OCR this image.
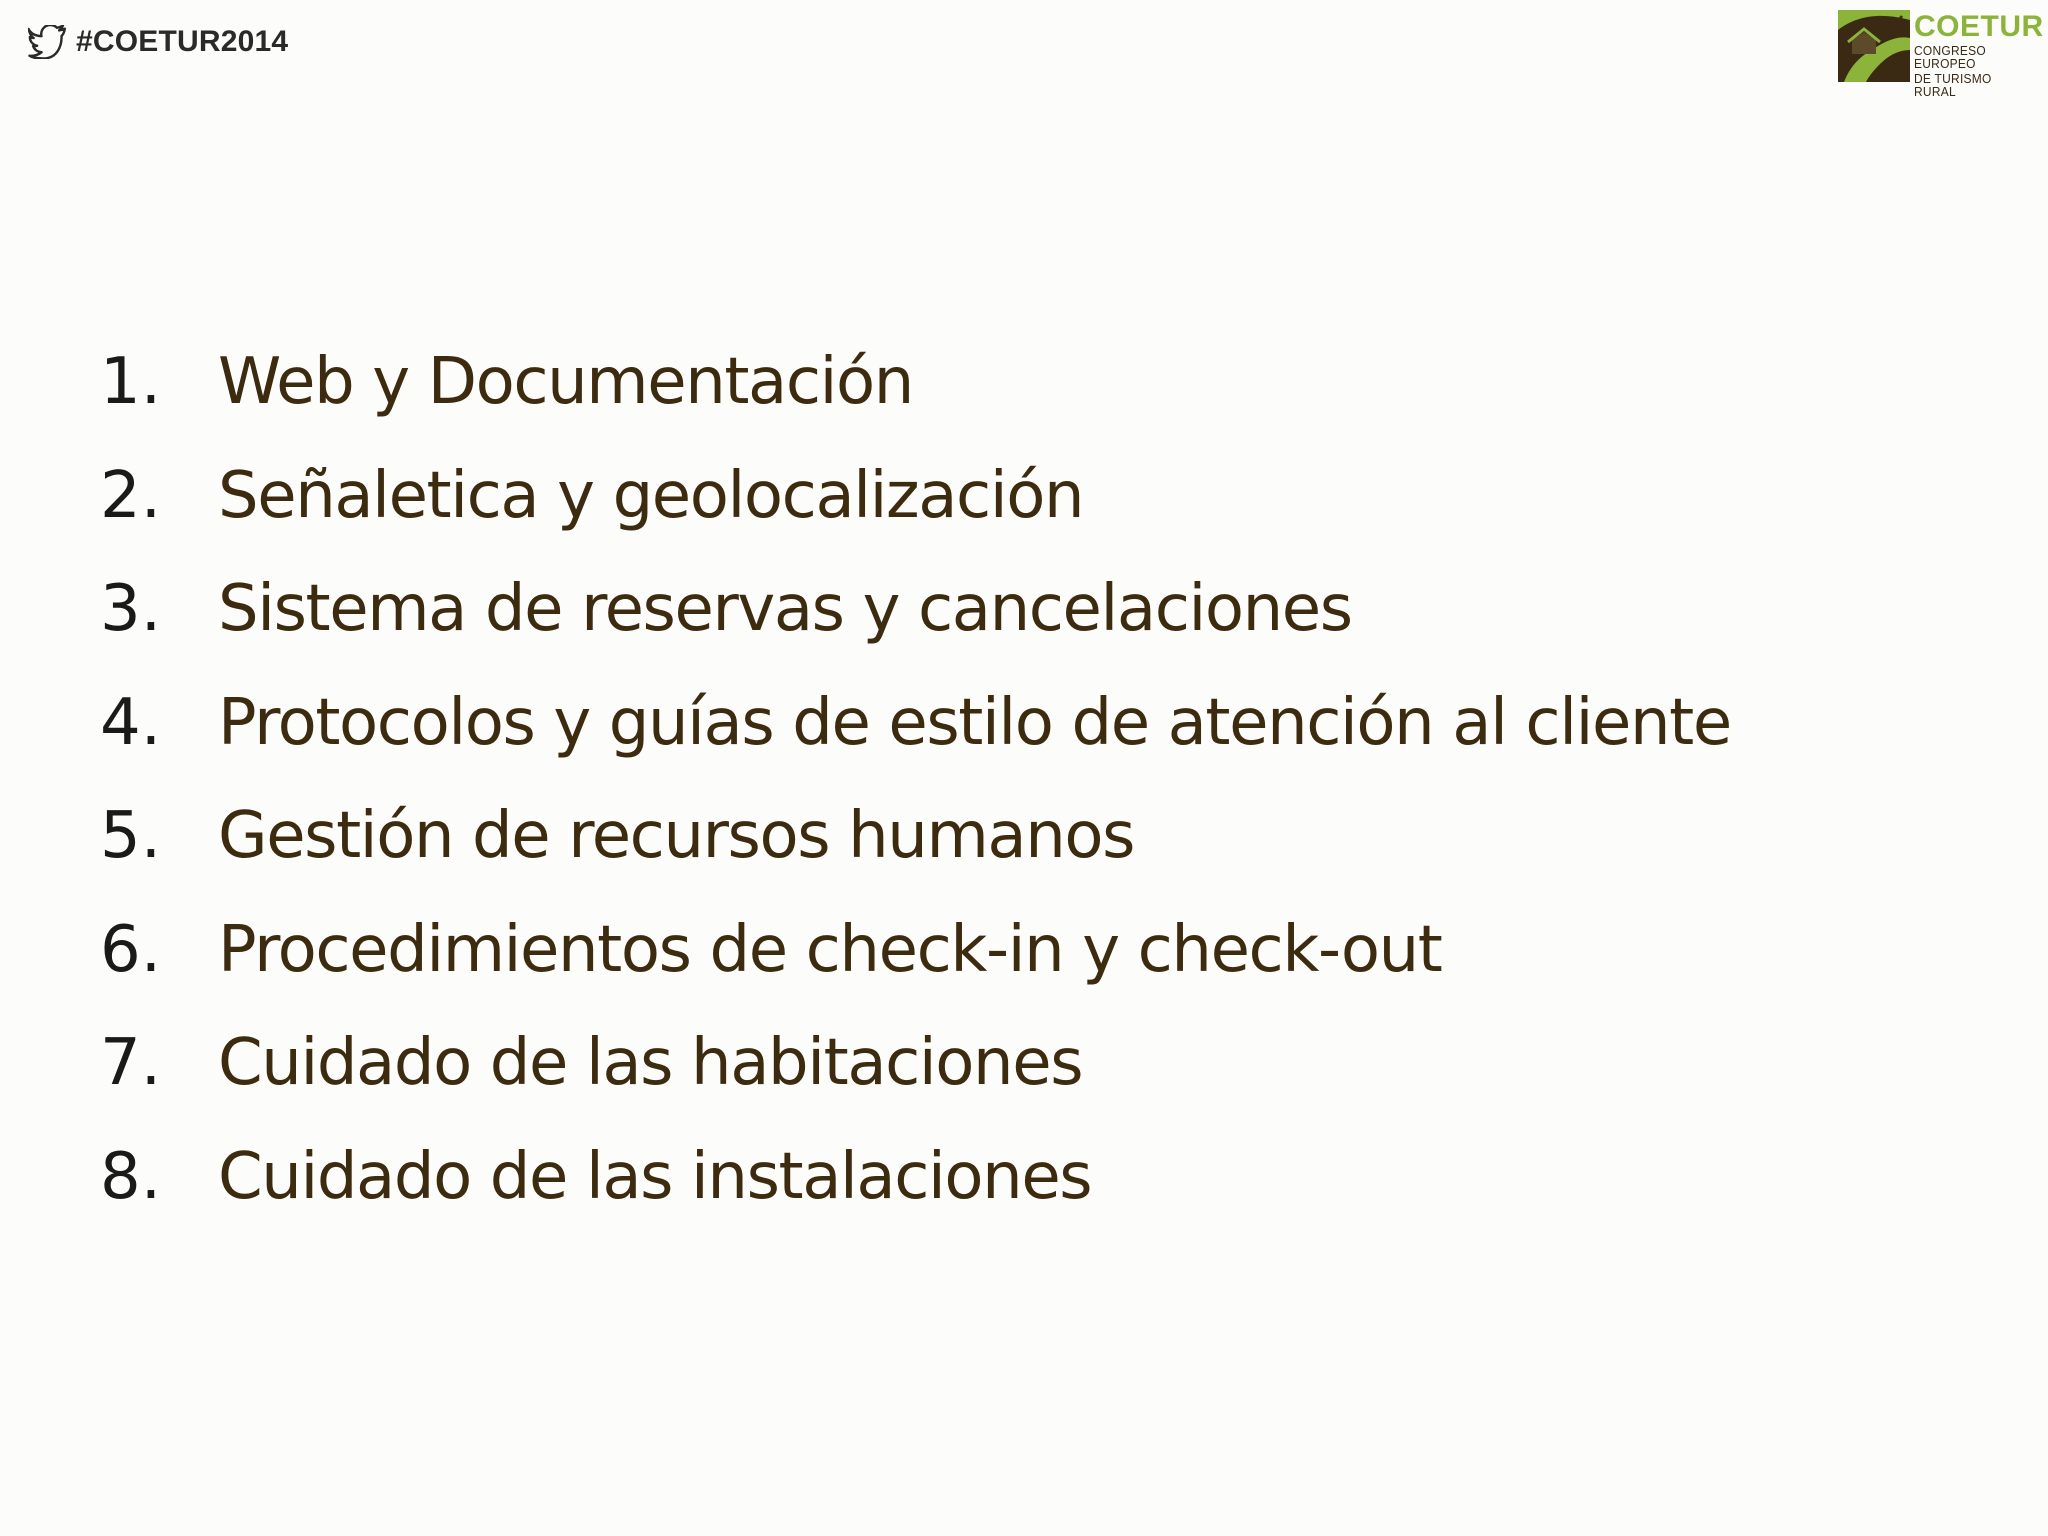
#COETUR2014	COETUR
CONGRESO EUROPEO
DE TURISMO RURAL
1. Web y Documentación
2. Señaletica y geolocalización
3. Sistema de reservas y cancelaciones
4. Protocolos y guías de estilo de atención al cliente
5. Gestión de recursos humanos
6. Procedimientos de check-in y check-out
7. Cuidado de las habitaciones
8. Cuidado de las instalaciones
